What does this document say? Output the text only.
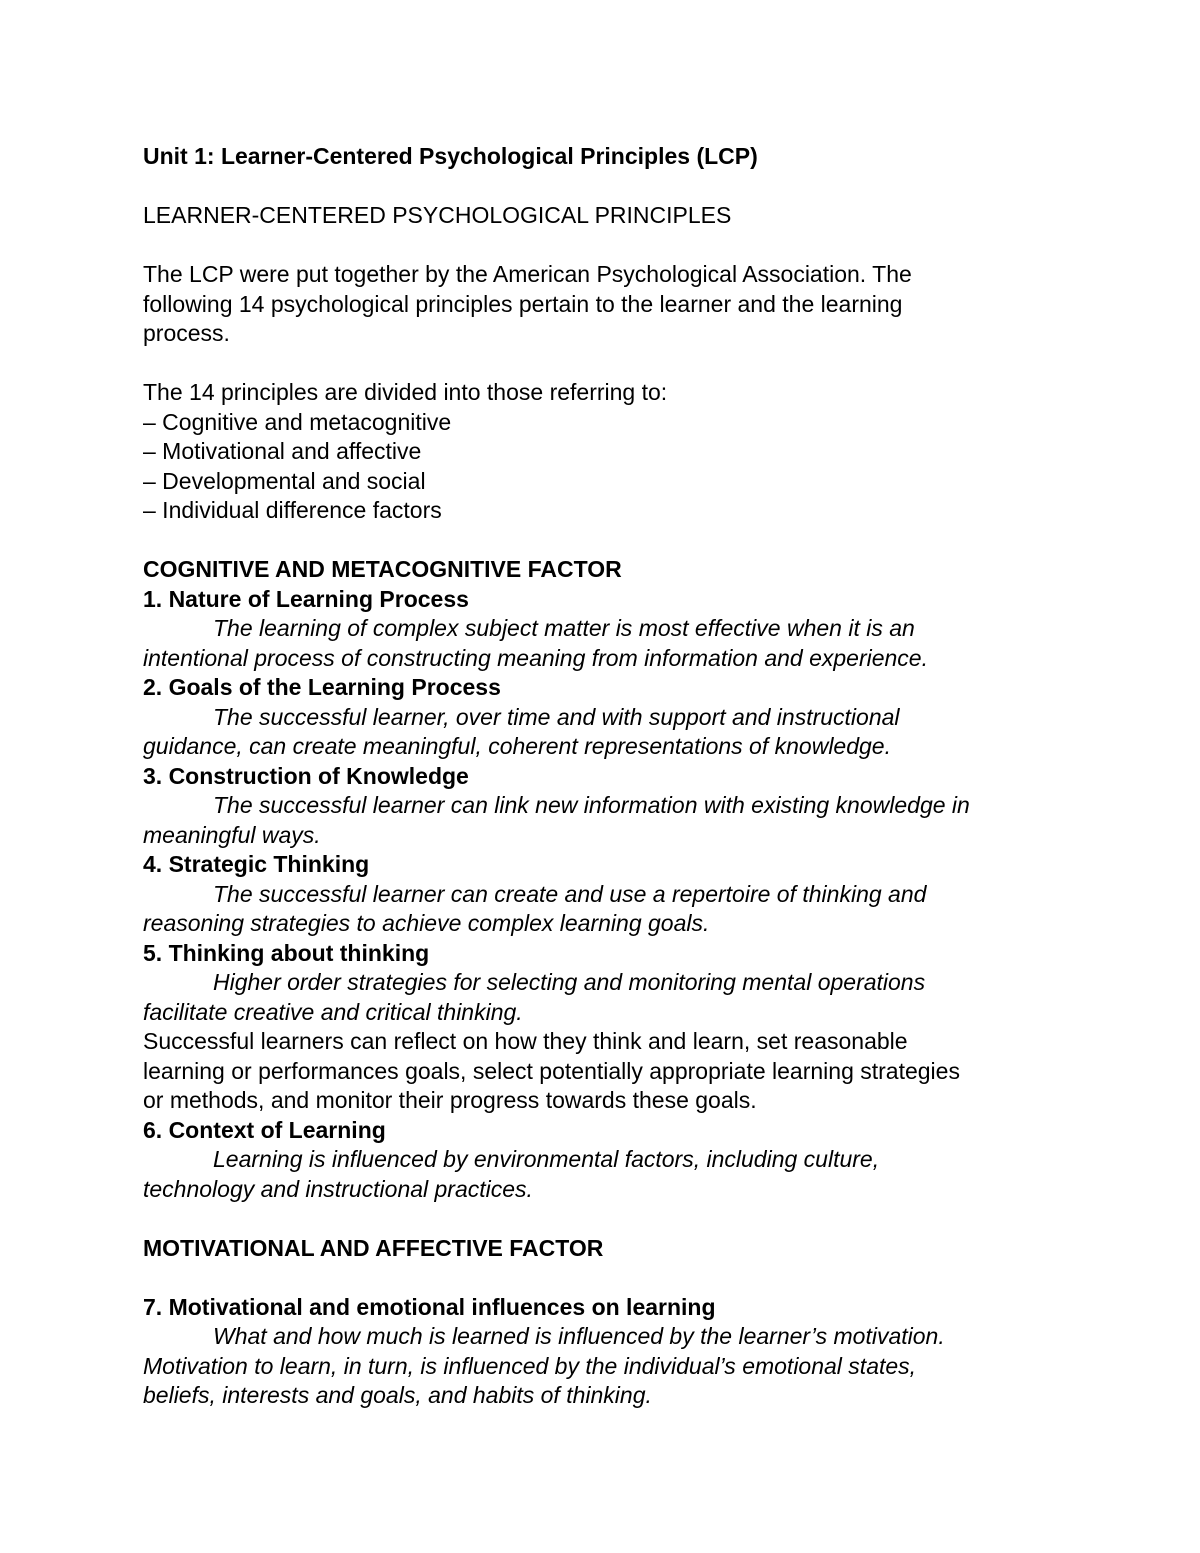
Unit 1: Learner-Centered Psychological Principles (LCP)
LEARNER-CENTERED PSYCHOLOGICAL PRINCIPLES
The LCP were put together by the American Psychological Association. The
following 14 psychological principles pertain to the learner and the learning
process.
The 14 principles are divided into those referring to:
– Cognitive and metacognitive
– Motivational and affective
– Developmental and social
– Individual difference factors
COGNITIVE AND METACOGNITIVE FACTOR
1. Nature of Learning Process
The learning of complex subject matter is most effective when it is an
intentional process of constructing meaning from information and experience.
2. Goals of the Learning Process
The successful learner, over time and with support and instructional
guidance, can create meaningful, coherent representations of knowledge.
3. Construction of Knowledge
The successful learner can link new information with existing knowledge in
meaningful ways.
4. Strategic Thinking
The successful learner can create and use a repertoire of thinking and
reasoning strategies to achieve complex learning goals.
5. Thinking about thinking
Higher order strategies for selecting and monitoring mental operations
facilitate creative and critical thinking.
Successful learners can reflect on how they think and learn, set reasonable
learning or performances goals, select potentially appropriate learning strategies
or methods, and monitor their progress towards these goals.
6. Context of Learning
Learning is influenced by environmental factors, including culture,
technology and instructional practices.
MOTIVATIONAL AND AFFECTIVE FACTOR
7. Motivational and emotional influences on learning
What and how much is learned is influenced by the learner’s motivation.
Motivation to learn, in turn, is influenced by the individual’s emotional states,
beliefs, interests and goals, and habits of thinking.
